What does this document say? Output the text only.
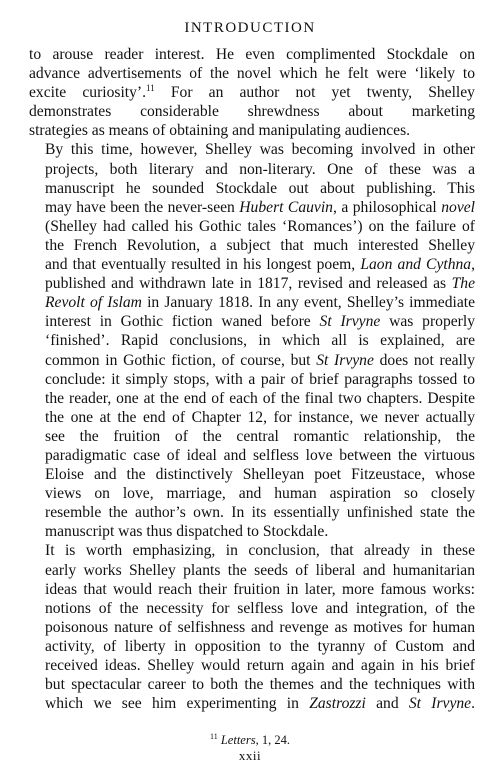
INTRODUCTION

to arouse reader interest. He even complimented Stockdale on
advance advertisements of the novel which he felt were ‘likely to
excite curiosity’.$^{11}$ For an author not yet twenty, Shelley
demonstrates considerable shrewdness about marketing
strategies as means of obtaining and manipulating audiences.

By this time, however, Shelley was becoming involved in other
projects, both literary and non-literary. One of these was a
manuscript he sounded Stockdale out about publishing. This
may have been the never-seen Hubert Cauvin, a philosophical novel
(Shelley had called his Gothic tales ‘Romances’) on the failure of
the French Revolution, a subject that much interested Shelley
and that eventually resulted in his longest poem, Laon and Cythna,
published and withdrawn late in 1817, revised and released as The
Revolt of Islam in January 1818. In any event, Shelley’s immediate
interest in Gothic fiction waned before St Irvyne was properly
‘finished’. Rapid conclusions, in which all is explained, are
common in Gothic fiction, of course, but St Irvyne does not really
conclude: it simply stops, with a pair of brief paragraphs tossed to
the reader, one at the end of each of the final two chapters. Despite
the one at the end of Chapter 12, for instance, we never actually
see the fruition of the central romantic relationship, the
paradigmatic case of ideal and selfless love between the virtuous
Eloise and the distinctively Shelleyan poet Fitzeustace, whose
views on love, marriage, and human aspiration so closely
resemble the author’s own. In its essentially unfinished state the
manuscript was thus dispatched to Stockdale.

It is worth emphasizing, in conclusion, that already in these
early works Shelley plants the seeds of liberal and humanitarian
ideas that would reach their fruition in later, more famous works:
notions of the necessity for selfless love and integration, of the
poisonous nature of selfishness and revenge as motives for human
activity, of liberty in opposition to the tyranny of Custom and
received ideas. Shelley would return again and again in his brief
but spectacular career to both the themes and the techniques with
which we see him experimenting in Zastrozzi and St Irvyne.

$^{11}$ Letters, 1, 24.
xxii
